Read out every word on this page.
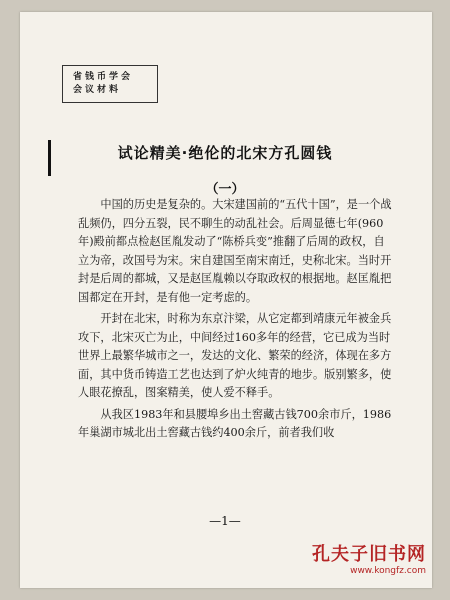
省钱币学会
会议材料
试论精美·绝伦的北宋方孔圆钱
（一）

中国的历史是复杂的。大宋建国前的“五代十国”，是一个战乱频仍，四分五裂，民不聊生的动乱社会。后周显德七年(960年)殿前都点检赵匡胤发动了“陈桥兵变”推翻了后周的政权，自立为帝，改国号为宋。宋自建国至南宋南迁，史称北宋。当时开封是后周的都城，又是赵匡胤赖以夺取政权的根据地。赵匡胤把国都定在开封，是有他一定考虑的。

开封在北宋，时称为东京汴梁，从它定都到靖康元年被金兵攻下，北宋灭亡为止，中间经过160多年的经营，它已成为当时世界上最繁华城市之一，发达的文化、繁荣的经济，体现在多方面，其中货币铸造工艺也达到了炉火纯青的地步。版别繁多，使人眼花撩乱，图案精美，使人爱不释手。

从我区1983年和县腰埠乡出土窖藏古钱700余市斤，1986年巢湖市城北出土窖藏古钱约400余斤，前者我们收

—1—
孔夫子旧书网
www.kongfz.com
